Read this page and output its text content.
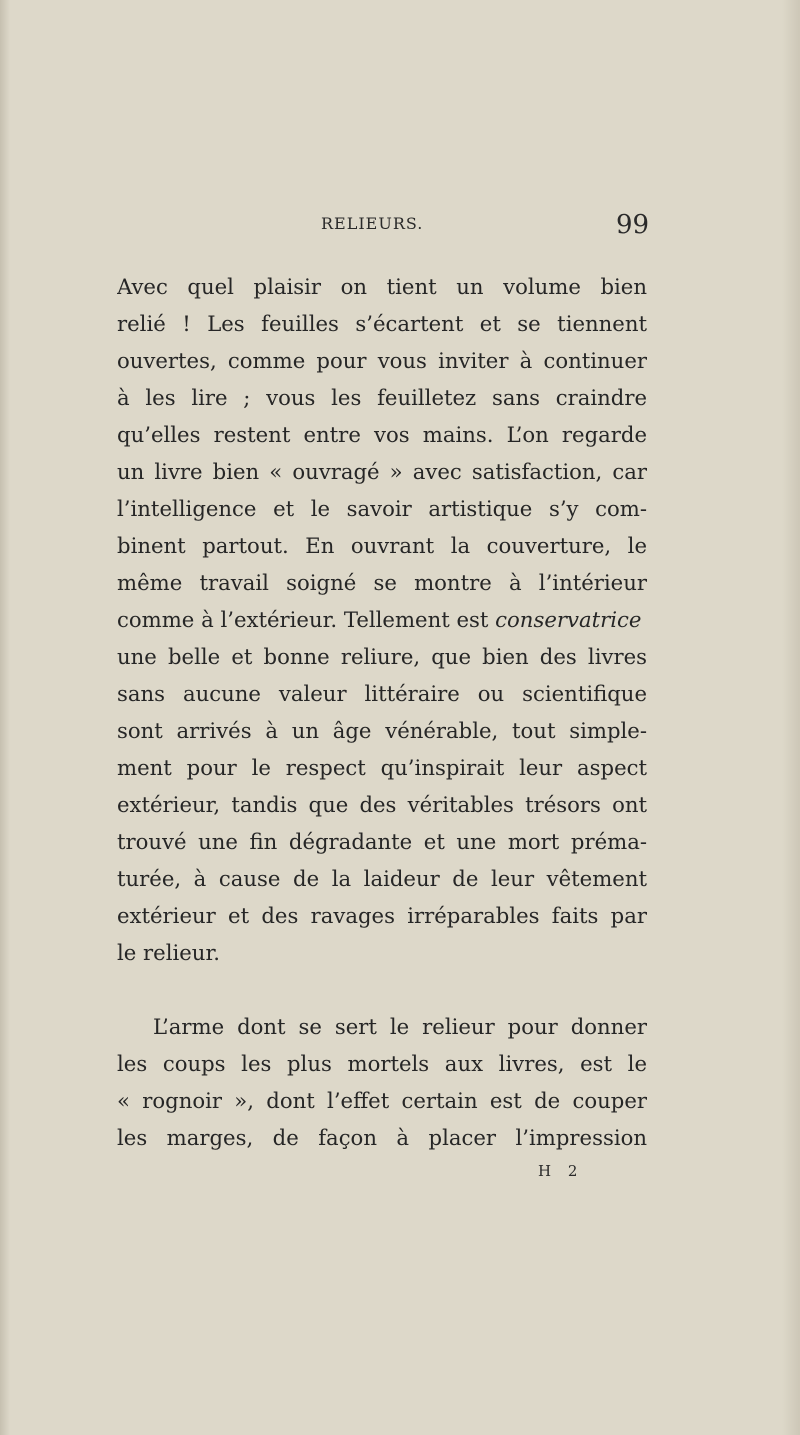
RELIEURS.	99
Avec quel plaisir on tient un volume bien
relié ! Les feuilles s’écartent et se tiennent
ouvertes, comme pour vous inviter à continuer
à les lire ; vous les feuilletez sans craindre
qu’elles restent entre vos mains. L’on regarde
un livre bien « ouvragé » avec satisfaction, car
l’intelligence et le savoir artistique s’y com-
binent partout. En ouvrant la couverture, le
même travail soigné se montre à l’intérieur
comme à l’extérieur. Tellement est conservatrice
une belle et bonne reliure, que bien des livres
sans aucune valeur littéraire ou scientifique
sont arrivés à un âge vénérable, tout simple-
ment pour le respect qu’inspirait leur aspect
extérieur, tandis que des véritables trésors ont
trouvé une fin dégradante et une mort préma-
turée, à cause de la laideur de leur vêtement
extérieur et des ravages irréparables faits par
le relieur.
L’arme dont se sert le relieur pour donner
les coups les plus mortels aux livres, est le
« rognoir », dont l’effet certain est de couper
les marges, de façon à placer l’impression
H 2
